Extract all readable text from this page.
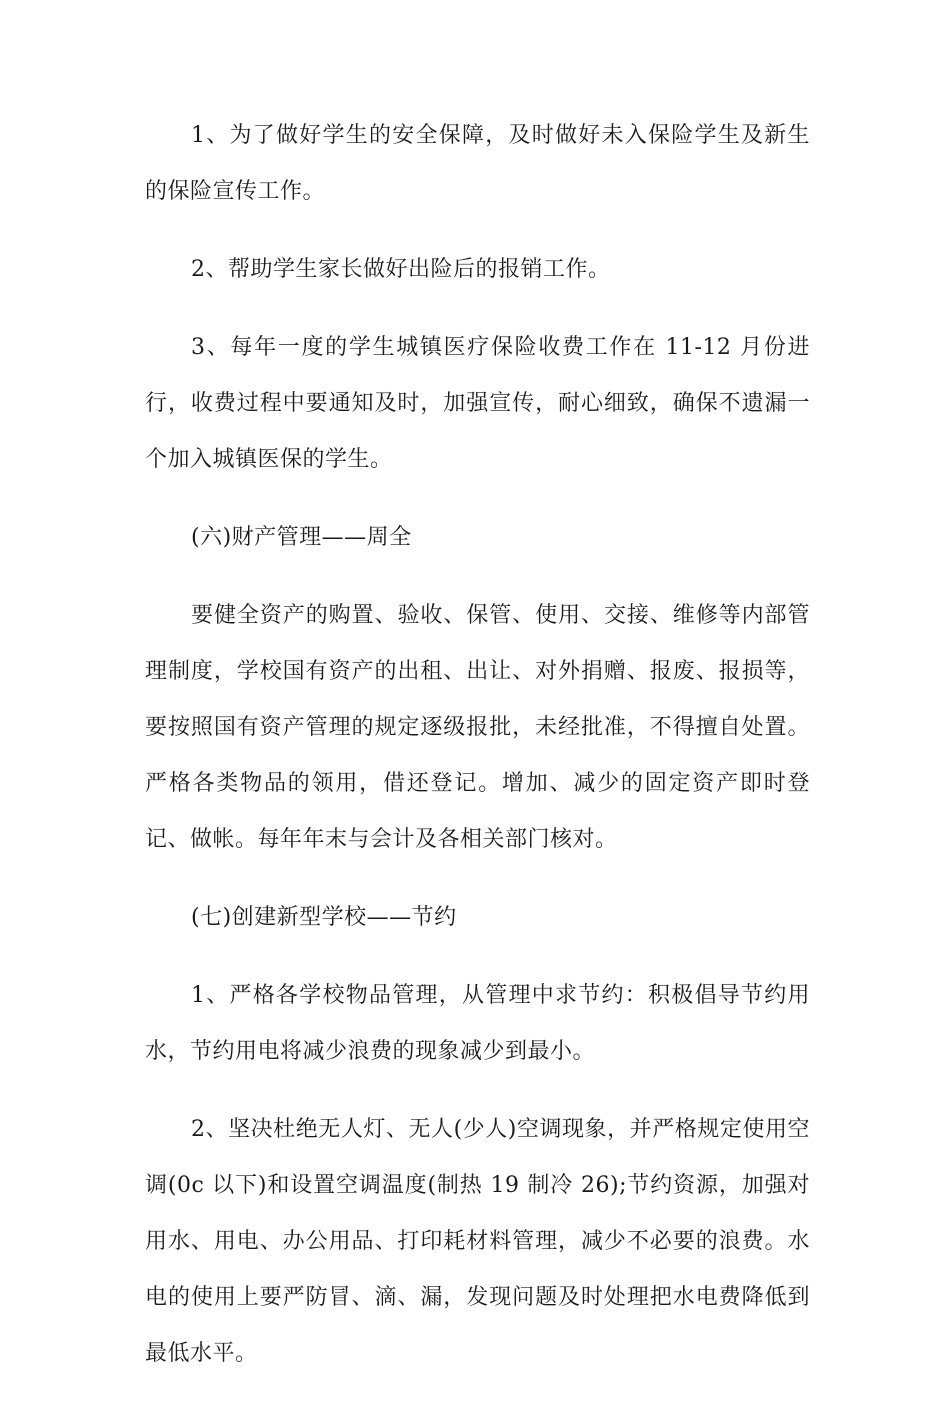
1、为了做好学生的安全保障，及时做好未入保险学生及新生的保险宣传工作。

2、帮助学生家长做好出险后的报销工作。

3、每年一度的学生城镇医疗保险收费工作在 11-12 月份进行，收费过程中要通知及时，加强宣传，耐心细致，确保不遗漏一个加入城镇医保的学生。

(六)财产管理——周全

要健全资产的购置、验收、保管、使用、交接、维修等内部管理制度，学校国有资产的出租、出让、对外捐赠、报废、报损等，要按照国有资产管理的规定逐级报批，未经批准，不得擅自处置。严格各类物品的领用，借还登记。增加、减少的固定资产即时登记、做帐。每年年末与会计及各相关部门核对。

(七)创建新型学校——节约

1、严格各学校物品管理，从管理中求节约：积极倡导节约用水，节约用电将减少浪费的现象减少到最小。

2、坚决杜绝无人灯、无人(少人)空调现象，并严格规定使用空调(0c 以下)和设置空调温度(制热 19 制冷 26);节约资源，加强对用水、用电、办公用品、打印耗材料管理，减少不必要的浪费。水电的使用上要严防冒、滴、漏，发现问题及时处理把水电费降低到最低水平。
